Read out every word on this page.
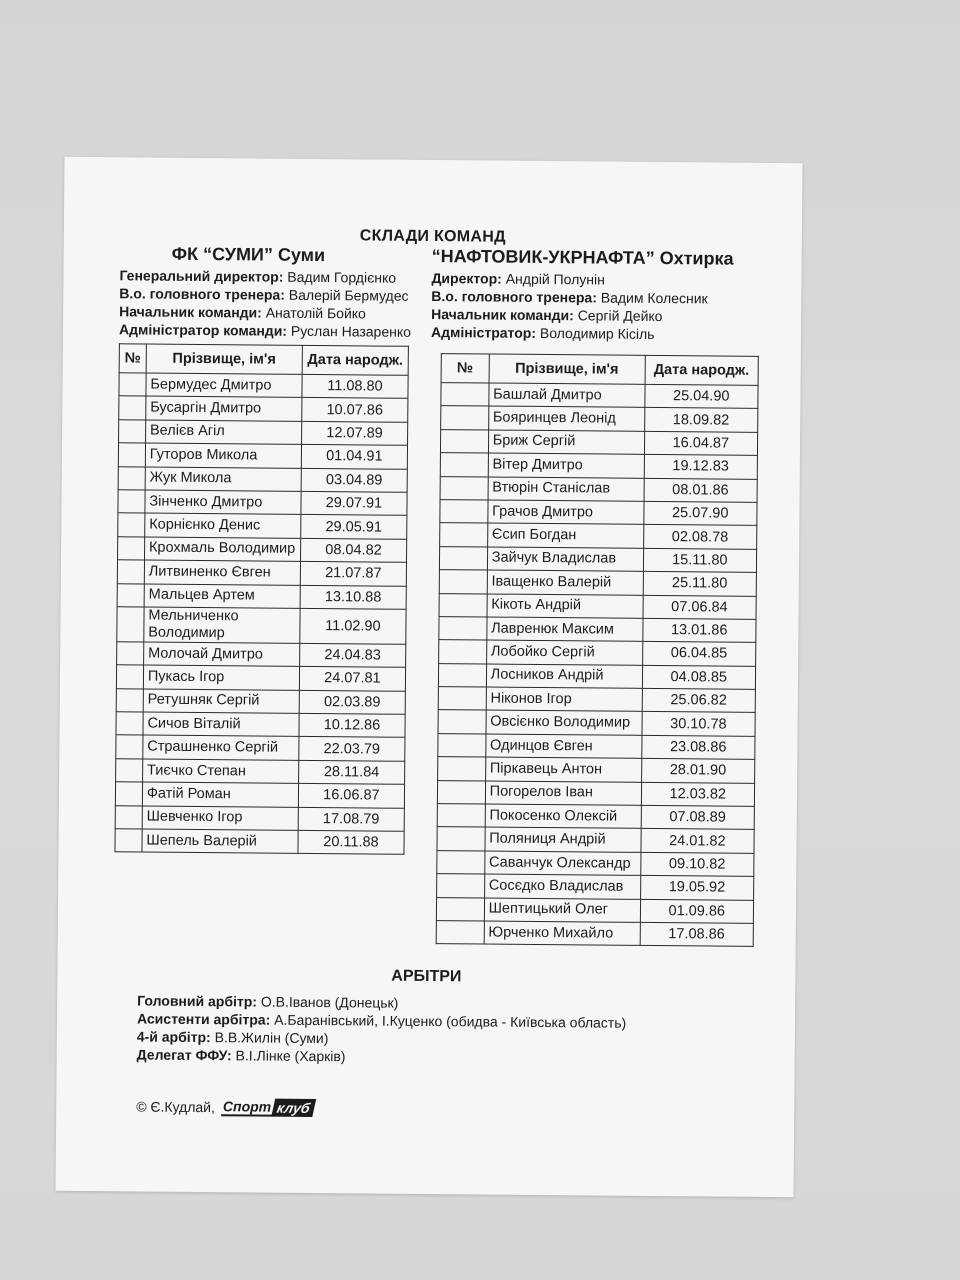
СКЛАДИ КОМАНД
ФК “СУМИ” Суми
Генеральний директор: Вадим Гордієнко
В.о. головного тренера: Валерій Бермудес
Начальник команди: Анатолій Бойко
Адміністратор команди: Руслан Назаренко
“НАФТОВИК-УКРНАФТА” Охтирка
Директор: Андрій Полунін
В.о. головного тренера: Вадим Колесник
Начальник команди: Сергій Дейко
Адміністратор: Володимир Кісіль
№	Прізвище, ім'я	Дата народж.
	Бермудес Дмитро	11.08.80
	Бусаргін Дмитро	10.07.86
	Велієв Агіл	12.07.89
	Гуторов Микола	01.04.91
	Жук Микола	03.04.89
	Зінченко Дмитро	29.07.91
	Корнієнко Денис	29.05.91
	Крохмаль Володимир	08.04.82
	Литвиненко Євген	21.07.87
	Мальцев Артем	13.10.88
	Мельниченко
Володимир	11.02.90
	Молочай Дмитро	24.04.83
	Пукась Ігор	24.07.81
	Ретушняк Сергій	02.03.89
	Сичов Віталій	10.12.86
	Страшненко Сергій	22.03.79
	Тиєчко Степан	28.11.84
	Фатій Роман	16.06.87
	Шевченко Ігор	17.08.79
	Шепель Валерій	20.11.88
№	Прізвище, ім'я	Дата народж.
	Башлай Дмитро	25.04.90
	Бояринцев Леонід	18.09.82
	Бриж Сергій	16.04.87
	Вітер Дмитро	19.12.83
	Втюрін Станіслав	08.01.86
	Грачов Дмитро	25.07.90
	Єсип Богдан	02.08.78
	Зайчук Владислав	15.11.80
	Іващенко Валерій	25.11.80
	Кікоть Андрій	07.06.84
	Лавренюк Максим	13.01.86
	Лобойко Сергій	06.04.85
	Лосников Андрій	04.08.85
	Ніконов Ігор	25.06.82
	Овсієнко Володимир	30.10.78
	Одинцов Євген	23.08.86
	Піркавець Антон	28.01.90
	Погорелов Іван	12.03.82
	Покосенко Олексій	07.08.89
	Поляниця Андрій	24.01.82
	Саванчук Олександр	09.10.82
	Сосєдко Владислав	19.05.92
	Шептицький Олег	01.09.86
	Юрченко Михайло	17.08.86
АРБІТРИ
Головний арбітр: О.В.Іванов (Донецьк)
Асистенти арбітра: А.Баранівський, І.Куценко (обидва - Київська область)
4-й арбітр: В.В.Жилін (Суми)
Делегат ФФУ: В.І.Лінке (Харків)
© Є.Кудлай, Спорт клуб
